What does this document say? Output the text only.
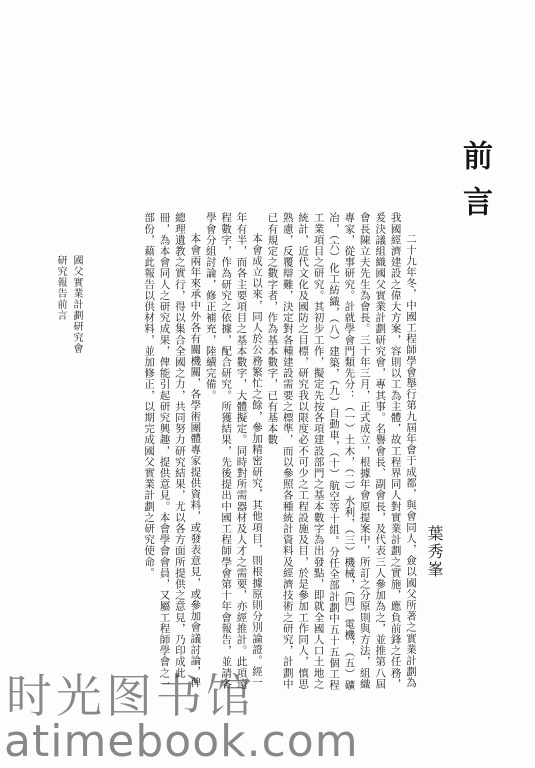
前言
葉秀峯

二十九年冬，中國工程師學會舉行第九屆年會于成都，與會同人，僉以國父所著之實業計劃為我國經濟建設之偉大方案，容則以工為主體，故工程界同人對實業計劃之實施，應負前鋒之任務，爰決議組織國父實業計劃研究會，專其事。名譽會長、副會長，及代表三人參加為之，並推第八屆會長陳立夫先生為會長。三十年三月，正式成立，根據年會原提案中，所訂之分原則與方法，組織專家，從事研究。計就學會門類先分：（一）土木，（二）水利，（三）機械，（四）電機，（五）礦冶，（六）化工紡織，（八）建築，（九）自動車，（十）航空等十組。分任全部計劃中五十五個工程工業項目之研究。其初步工作，擬定先按各項建設部門之基本數字為出發點，即就全國人口土地之統計，近代文化及國防之目標，研究我以限度必不可少之工程設施及目，於是參加工作同人，慎思熟慮，反覆辯難，決定對各種建設需要之標準，而以參照各種統計資料及經濟技術之研究，計劃中已有規定之數字者，作為基本數字，已有基本數

本會成立以來，同人於公務繁忙之餘，參加精密研究，其他項目，則根據原則分別論證。經一年有半，而各主要項目之基本數字，大體擬定。同時對所需器材及人才之需要，亦經推計。此項遠程數字，作為研究之依據，配合研究。所獲結果，先後提出中國工程師學會第十年會報告，並請各學會分組討論，修正補充，陸續完備。

本會兩年來承中外各有關機關，各學術團體專家提供資料，或發表意見，或參加會議討論，俾總理遺教之實行，得以集合全國之力，共同努力研究結果，尤以各方面所提供之意見，乃印成此冊，為本會同人之研究成果，俾能引起研究興趣，提供意見。本會學會會員，又屬工程師學會之一部份，藉此報告以供材料，並加修正，以期完成國父實業計劃之研究使命。

國父實業計劃研究會
研究報告前言
时光图书馆
atimebook.com
